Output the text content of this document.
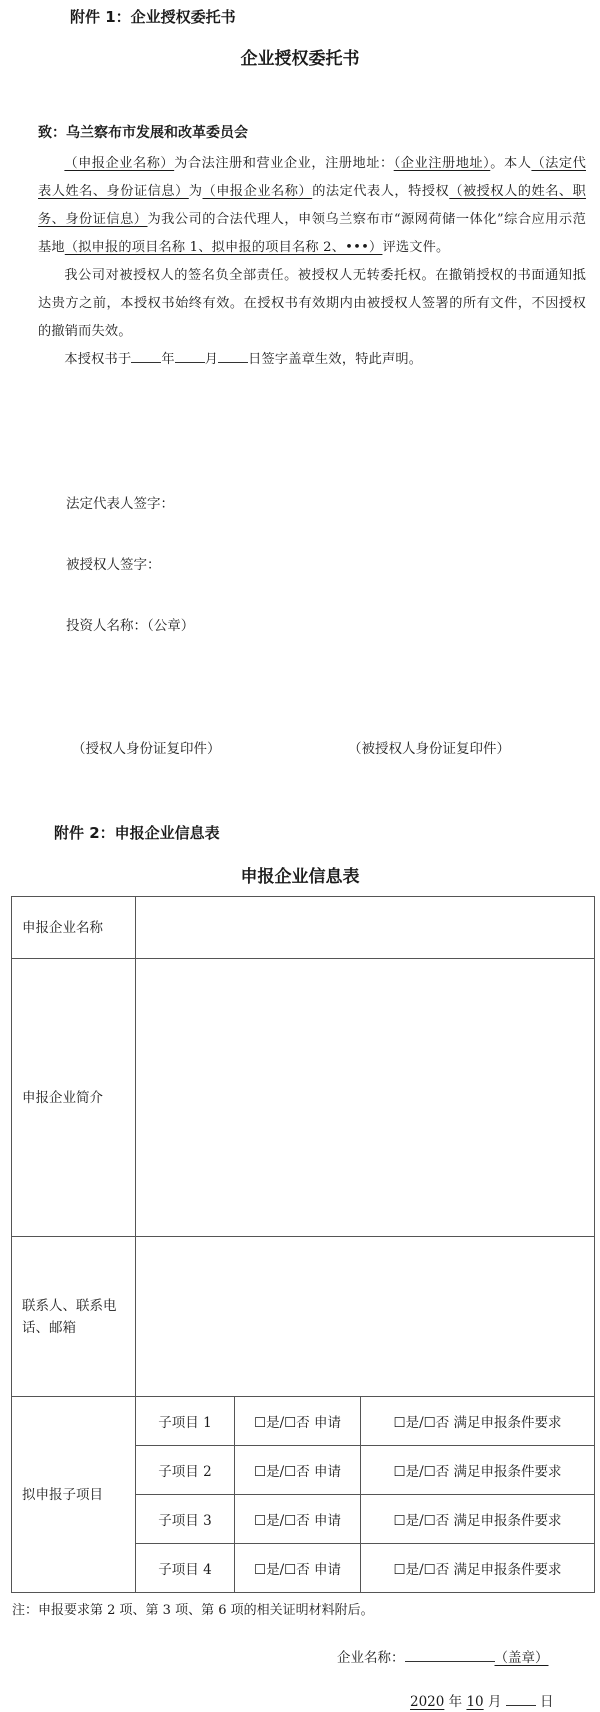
附件 1：企业授权委托书
企业授权委托书
致：乌兰察布市发展和改革委员会

（申报企业名称）为合法注册和营业企业，注册地址：（企业注册地址）。本人（法定代表人姓名、身份证信息）为（申报企业名称）的法定代表人，特授权（被授权人的姓名、职务、身份证信息）为我公司的合法代理人，申领乌兰察布市“源网荷储一体化”综合应用示范基地（拟申报的项目名称 1、拟申报的项目名称 2、•••）评选文件。

我公司对被授权人的签名负全部责任。被授权人无转委托权。在撤销授权的书面通知抵达贵方之前，本授权书始终有效。在授权书有效期内由被授权人签署的所有文件，不因授权的撤销而失效。

本授权书于 年 月 日签字盖章生效，特此声明。

法定代表人签字：
被授权人签字：
投资人名称：（公章）
（授权人身份证复印件）	（被授权人身份证复印件）
附件 2：申报企业信息表
申报企业信息表
申报企业名称			
申报企业简介			
联系人、联系电话、邮箱			
拟申报子项目	子项目 1	☐是/☐否 申请	☐是/☐否 满足申报条件要求
	子项目 2	☐是/☐否 申请	☐是/☐否 满足申报条件要求
	子项目 3	☐是/☐否 申请	☐是/☐否 满足申报条件要求
	子项目 4	☐是/☐否 申请	☐是/☐否 满足申报条件要求
注：申报要求第 2 项、第 3 项、第 6 项的相关证明材料附后。
企业名称：	（盖章）
2020 年 10 月	日
